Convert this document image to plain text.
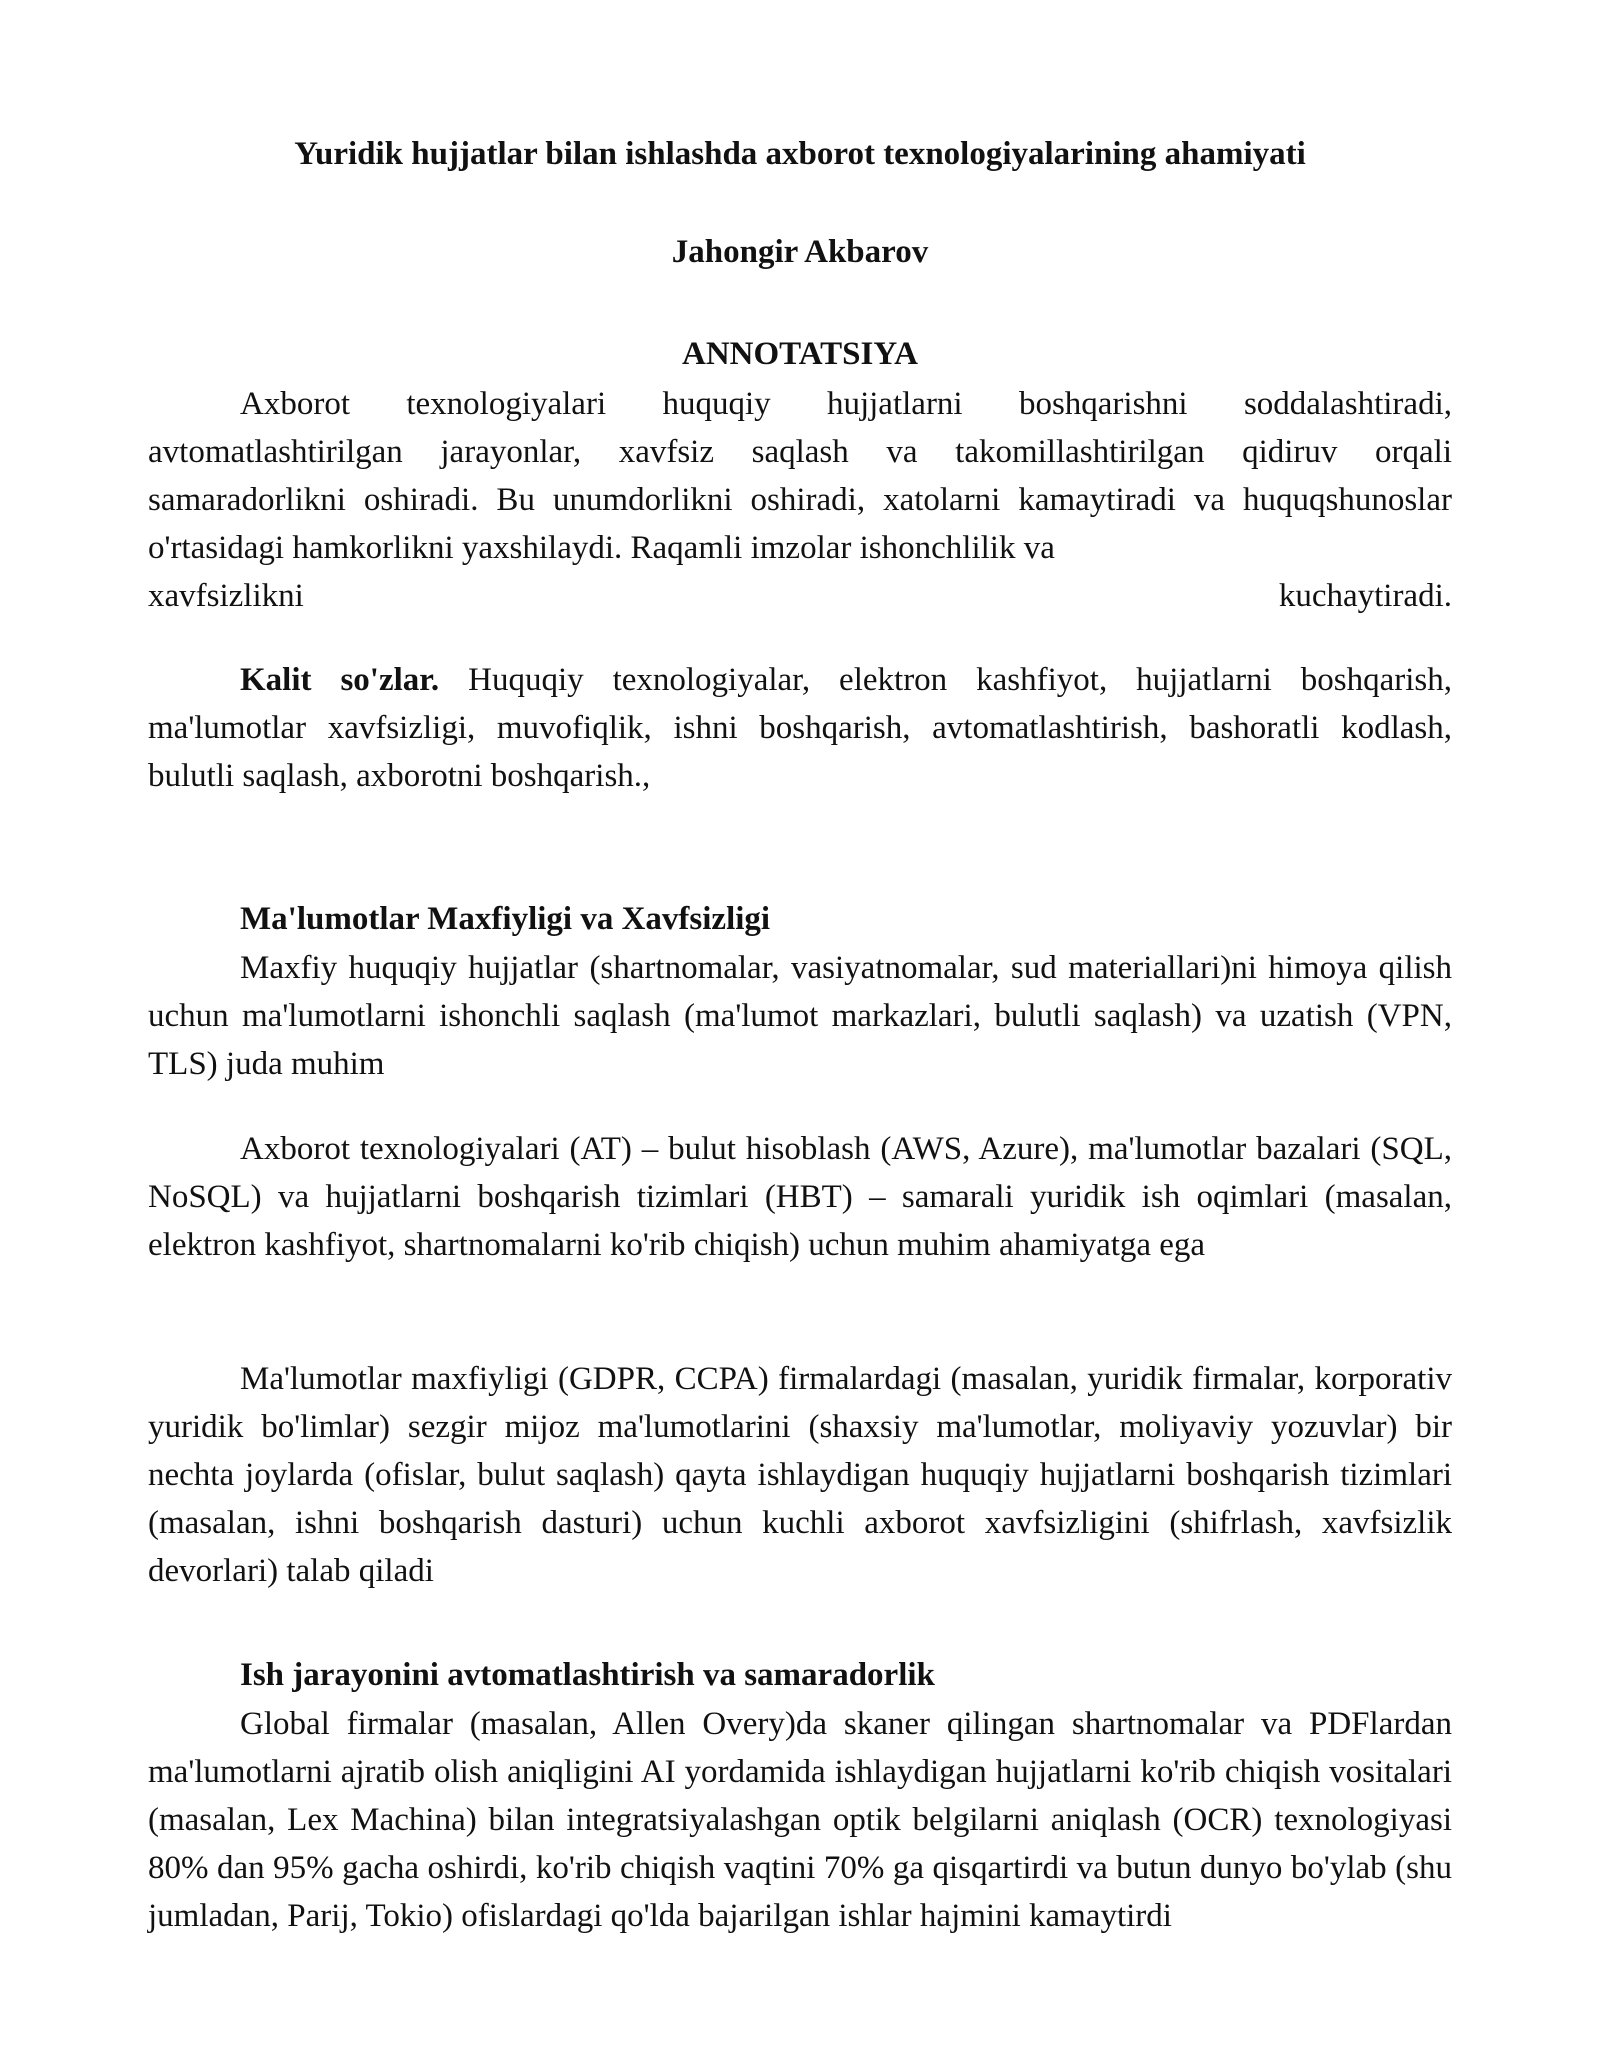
Yuridik hujjatlar bilan ishlashda axborot texnologiyalarining ahamiyati
Jahongir Akbarov
ANNOTATSIYA

Axborot texnologiyalari huquqiy hujjatlarni boshqarishni soddalashtiradi, avtomatlashtirilgan jarayonlar, xavfsiz saqlash va takomillashtirilgan qidiruv orqali samaradorlikni oshiradi. Bu unumdorlikni oshiradi, xatolarni kamaytiradi va huquqshunoslar o'rtasidagi hamkorlikni yaxshilaydi. Raqamli imzolar ishonchlilik va

xavfsizlikni	kuchaytiradi.

Kalit so'zlar. Huquqiy texnologiyalar, elektron kashfiyot, hujjatlarni boshqarish, ma'lumotlar xavfsizligi, muvofiqlik, ishni boshqarish, avtomatlashtirish, bashoratli kodlash, bulutli saqlash, axborotni boshqarish.,

Ma'lumotlar Maxfiyligi va Xavfsizligi

Maxfiy huquqiy hujjatlar (shartnomalar, vasiyatnomalar, sud materiallari)ni himoya qilish uchun ma'lumotlarni ishonchli saqlash (ma'lumot markazlari, bulutli saqlash) va uzatish (VPN, TLS) juda muhim

Axborot texnologiyalari (AT) – bulut hisoblash (AWS, Azure), ma'lumotlar bazalari (SQL, NoSQL) va hujjatlarni boshqarish tizimlari (HBT) – samarali yuridik ish oqimlari (masalan, elektron kashfiyot, shartnomalarni ko'rib chiqish) uchun muhim ahamiyatga ega

Ma'lumotlar maxfiyligi (GDPR, CCPA) firmalardagi (masalan, yuridik firmalar, korporativ yuridik bo'limlar) sezgir mijoz ma'lumotlarini (shaxsiy ma'lumotlar, moliyaviy yozuvlar) bir nechta joylarda (ofislar, bulut saqlash) qayta ishlaydigan huquqiy hujjatlarni boshqarish tizimlari (masalan, ishni boshqarish dasturi) uchun kuchli axborot xavfsizligini (shifrlash, xavfsizlik devorlari) talab qiladi

Ish jarayonini avtomatlashtirish va samaradorlik

Global firmalar (masalan, Allen Overy)da skaner qilingan shartnomalar va PDFlardan ma'lumotlarni ajratib olish aniqligini AI yordamida ishlaydigan hujjatlarni ko'rib chiqish vositalari (masalan, Lex Machina) bilan integratsiyalashgan optik belgilarni aniqlash (OCR) texnologiyasi 80% dan 95% gacha oshirdi, ko'rib chiqish vaqtini 70% ga qisqartirdi va butun dunyo bo'ylab (shu jumladan, Parij, Tokio) ofislardagi qo'lda bajarilgan ishlar hajmini kamaytirdi
